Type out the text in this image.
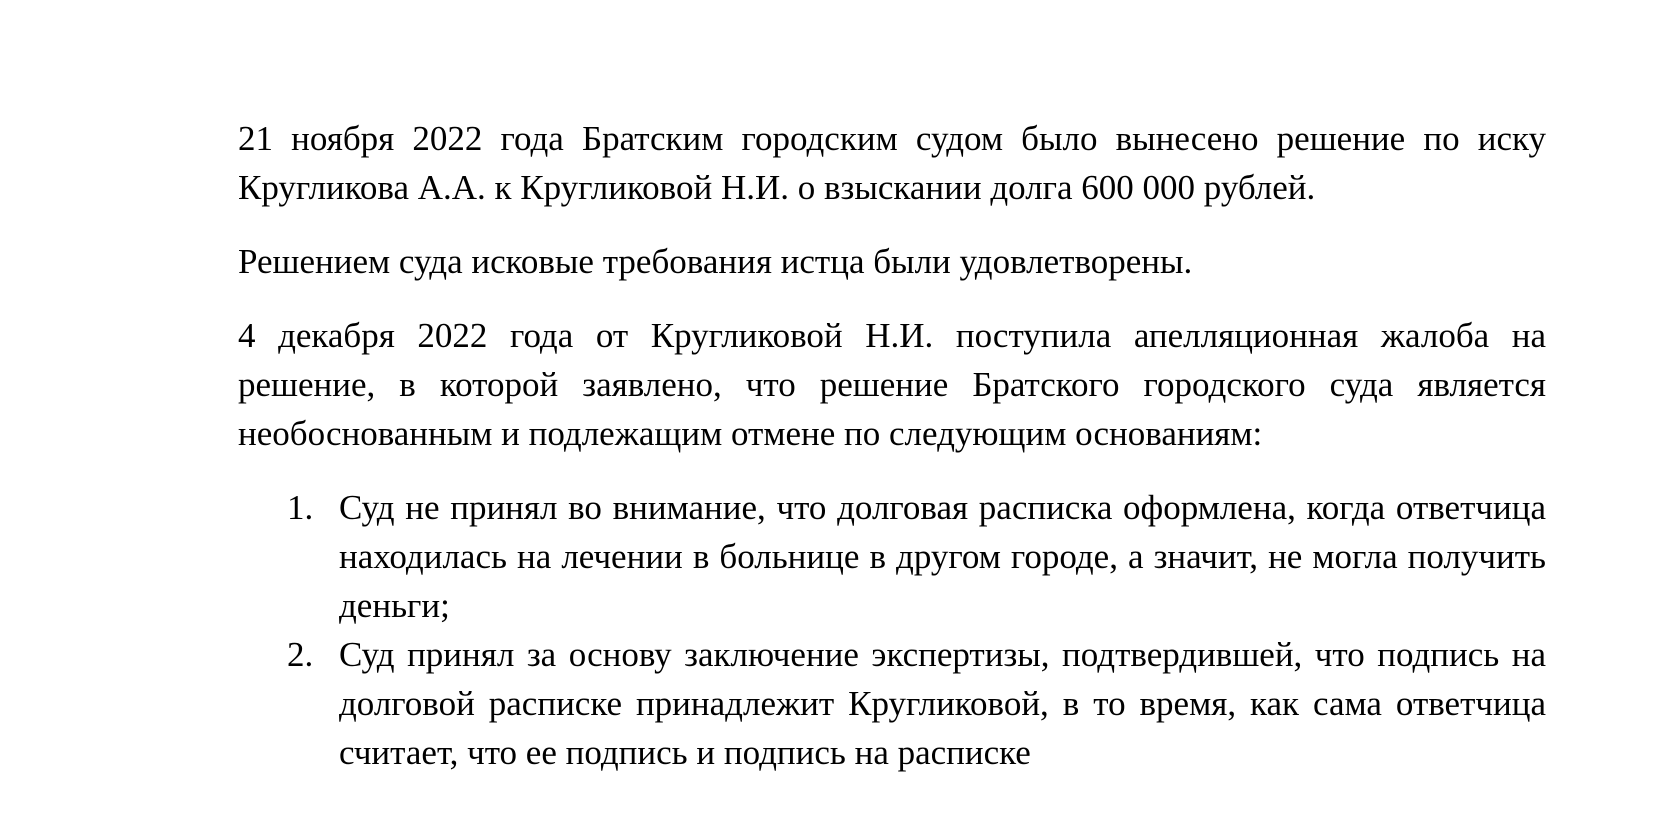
21 ноября 2022 года Братским городским судом было вынесено решение по иску Кругликова А.А. к Кругликовой Н.И. о взыскании долга 600 000 рублей.

Решением суда исковые требования истца были удовлетворены.

4 декабря 2022 года от Кругликовой Н.И. поступила апелляционная жалоба на решение, в которой заявлено, что решение Братского городского суда является необоснованным и подлежащим отмене по следующим основаниям:

1. Суд не принял во внимание, что долговая расписка оформлена, когда ответчица находилась на лечении в больнице в другом городе, а значит, не могла получить деньги;
2. Суд принял за основу заключение экспертизы, подтвердившей, что подпись на долговой расписке принадлежит Кругликовой, в то время, как сама ответчица считает, что ее подпись и подпись на расписке
